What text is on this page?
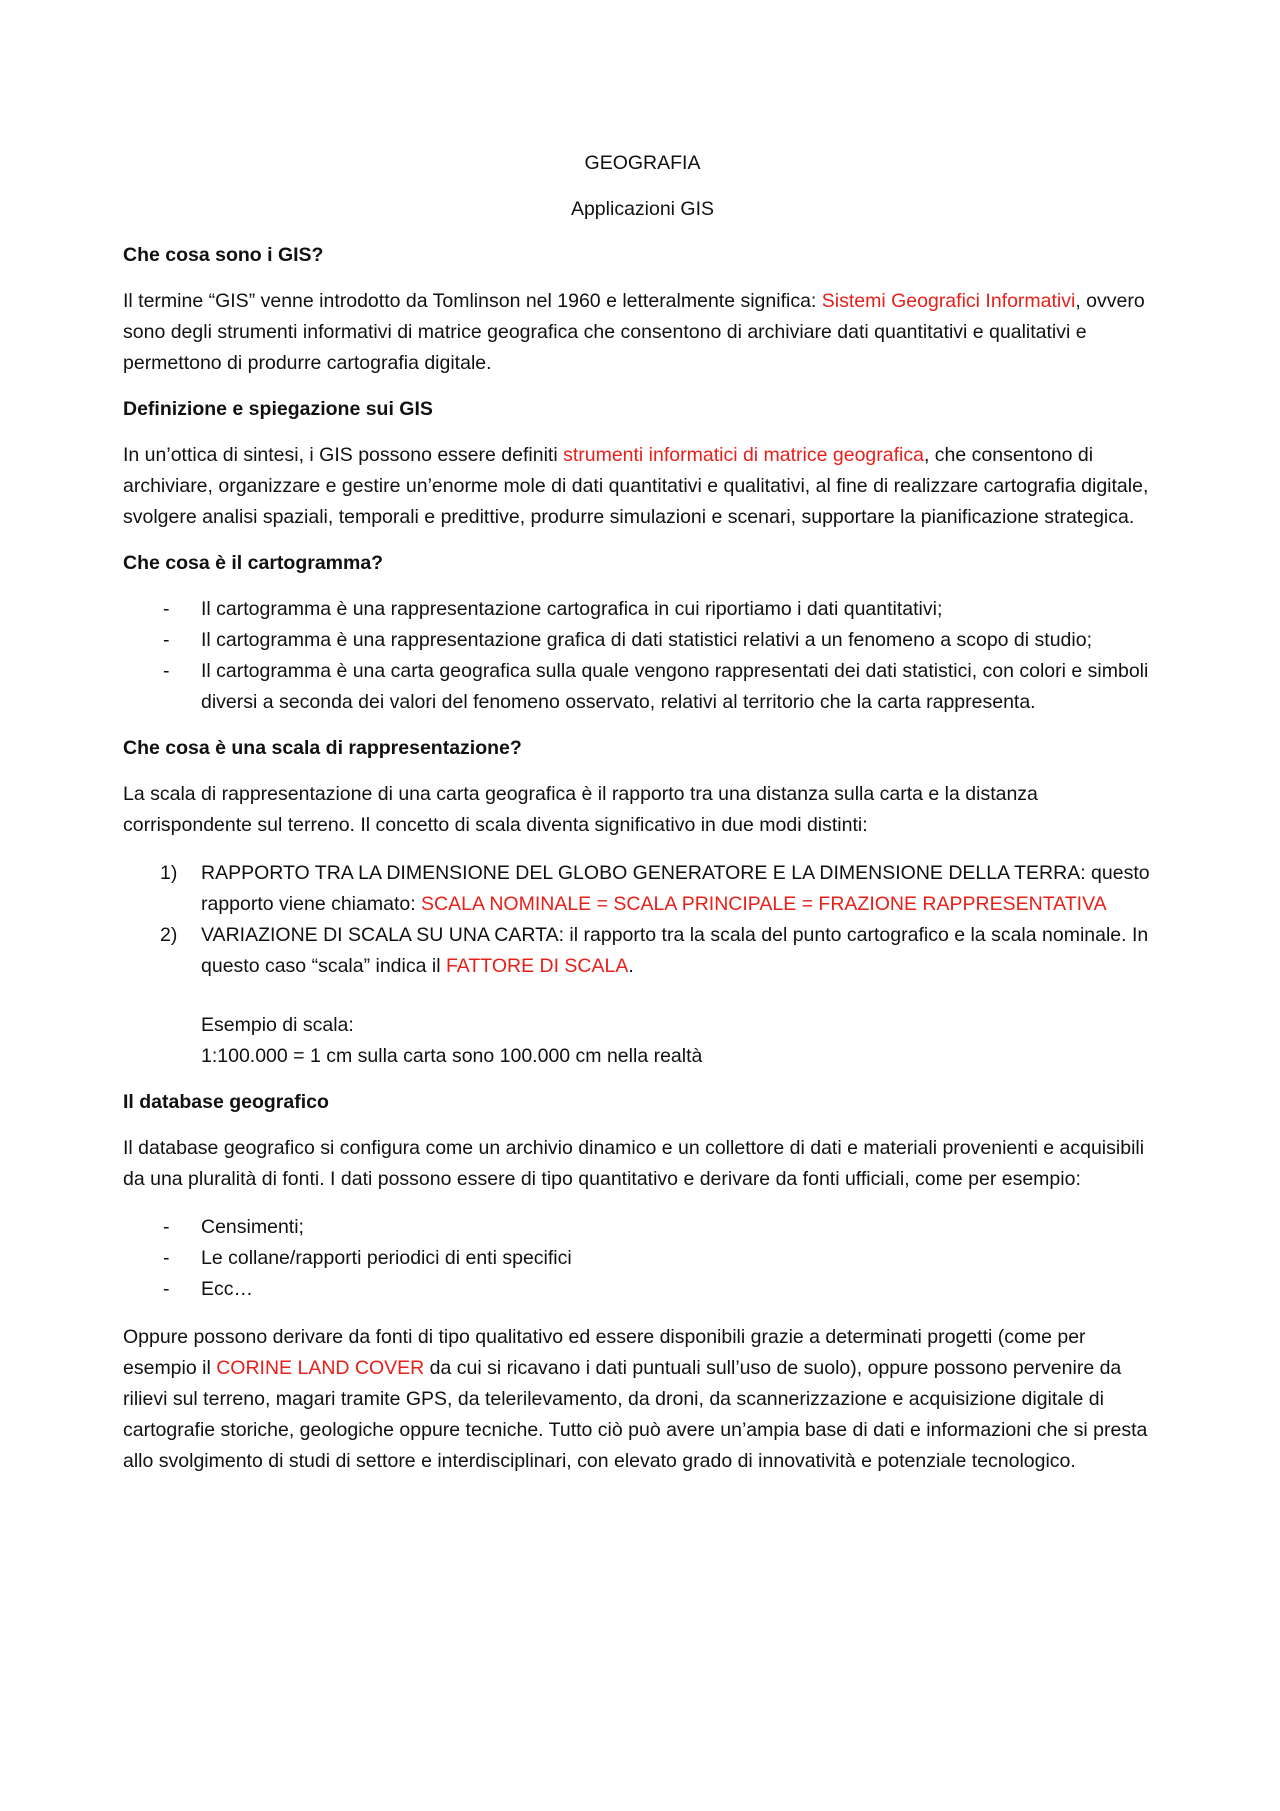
GEOGRAFIA

Applicazioni GIS

Che cosa sono i GIS?

Il termine “GIS” venne introdotto da Tomlinson nel 1960 e letteralmente significa: Sistemi Geografici Informativi, ovvero sono degli strumenti informativi di matrice geografica che consentono di archiviare dati quantitativi e qualitativi e permettono di produrre cartografia digitale.

Definizione e spiegazione sui GIS

In un’ottica di sintesi, i GIS possono essere definiti strumenti informatici di matrice geografica, che consentono di archiviare, organizzare e gestire un’enorme mole di dati quantitativi e qualitativi, al fine di realizzare cartografia digitale, svolgere analisi spaziali, temporali e predittive, produrre simulazioni e scenari, supportare la pianificazione strategica.

Che cosa è il cartogramma?
- Il cartogramma è una rappresentazione cartografica in cui riportiamo i dati quantitativi;
- Il cartogramma è una rappresentazione grafica di dati statistici relativi a un fenomeno a scopo di studio;
- Il cartogramma è una carta geografica sulla quale vengono rappresentati dei dati statistici, con colori e simboli diversi a seconda dei valori del fenomeno osservato, relativi al territorio che la carta rappresenta.
Che cosa è una scala di rappresentazione?

La scala di rappresentazione di una carta geografica è il rapporto tra una distanza sulla carta e la distanza corrispondente sul terreno. Il concetto di scala diventa significativo in due modi distinti:

1) RAPPORTO TRA LA DIMENSIONE DEL GLOBO GENERATORE E LA DIMENSIONE DELLA TERRA: questo rapporto viene chiamato: SCALA NOMINALE = SCALA PRINCIPALE = FRAZIONE RAPPRESENTATIVA
2) VARIAZIONE DI SCALA SU UNA CARTA: il rapporto tra la scala del punto cartografico e la scala nominale. In questo caso “scala” indica il FATTORE DI SCALA.
Esempio di scala:
1:100.000 = 1 cm sulla carta sono 100.000 cm nella realtà
Il database geografico

Il database geografico si configura come un archivio dinamico e un collettore di dati e materiali provenienti e acquisibili da una pluralità di fonti. I dati possono essere di tipo quantitativo e derivare da fonti ufficiali, come per esempio:

- Censimenti;
- Le collane/rapporti periodici di enti specifici
- Ecc…

Oppure possono derivare da fonti di tipo qualitativo ed essere disponibili grazie a determinati progetti (come per esempio il CORINE LAND COVER da cui si ricavano i dati puntuali sull’uso de suolo), oppure possono pervenire da rilievi sul terreno, magari tramite GPS, da telerilevamento, da droni, da scannerizzazione e acquisizione digitale di cartografie storiche, geologiche oppure tecniche. Tutto ciò può avere un’ampia base di dati e informazioni che si presta allo svolgimento di studi di settore e interdisciplinari, con elevato grado di innovatività e potenziale tecnologico.
